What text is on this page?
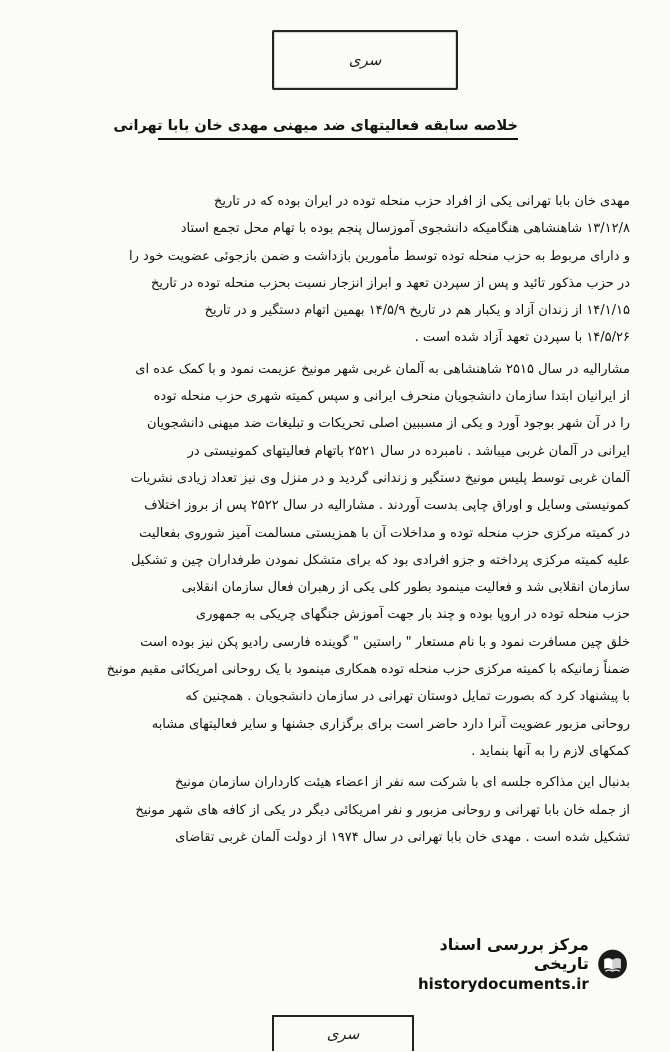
سری
خلاصه سابقه فعالیتهای ضد میهنی مهدی خان بابا تهرانی
مهدی خان بابا تهرانی یکی از افراد حزب منحله توده در ایران بوده که در تاریخ
۱۳/۱۲/۸ شاهنشاهی هنگامیکه دانشجوی آموزسال پنجم بوده با تهام محل تجمع استاد
و دارای مربوط به حزب منحله توده توسط مأمورین بازداشت و ضمن بازجوئی عضویت خود را
در حزب مذکور تائید و پس از سپردن تعهد و ابراز انزجار نسبت بحزب منحله توده در تاریخ
۱۴/۱/۱۵ از زندان آزاد و یکبار هم در تاریخ ۱۴/۵/۹ بهمین اتهام دستگیر و در تاریخ
۱۴/۵/۲۶ با سپردن تعهد آزاد شده است .
مشارالیه در سال ۲۵۱۵ شاهنشاهی به آلمان غربی شهر مونیخ عزیمت نمود و با کمک عده ای
از ایرانیان ابتدا سازمان دانشجویان منحرف ایرانی و سپس کمیته شهری حزب منحله توده
را در آن شهر بوجود آورد و یکی از مسببین اصلی تحریکات و تبلیغات ضد میهنی دانشجویان
ایرانی در آلمان غربی میباشد . نامبرده در سال ۲۵۲۱ باتهام فعالیتهای کمونیستی در
آلمان غربی توسط پلیس مونیخ دستگیر و زندانی گردید و در منزل وی نیز تعداد زیادی نشریات
کمونیستی وسایل و اوراق چاپی بدست آوردند . مشارالیه در سال ۲۵۲۲ پس از بروز اختلاف
در کمیته مرکزی حزب منحله توده و مداخلات آن با همزیستی مسالمت آمیز شوروی بفعالیت
علیه کمیته مرکزی پرداخته و جزو افرادی بود که برای متشکل نمودن طرفداران چین و تشکیل
سازمان انقلابی شد و فعالیت مینمود بطور کلی یکی از رهبران فعال سازمان انقلابی
حزب منحله توده در اروپا بوده و چند بار جهت آموزش جنگهای چریکی به جمهوری
خلق چین مسافرت نمود و با نام مستعار " راستین " گوینده فارسی رادیو پکن نیز بوده است
ضمناً زمانیکه با کمیته مرکزی حزب منحله توده همکاری مینمود با یک روحانی امریکائی مقیم مونیخ
با پیشنهاد کرد که بصورت تمایل دوستان تهرانی در سازمان دانشجویان . همچنین که
روحانی مزبور عضویت آنرا دارد حاضر است برای برگزاری جشنها و سایر فعالیتهای مشابه
کمکهای لازم را به آنها بنماید .
بدنبال این مذاکره جلسه ای با شرکت سه نفر از اعضاء هیئت کارداران سازمان مونیخ
از جمله خان بابا تهرانی و روحانی مزبور و نفر امریکائی دیگر در یکی از کافه های شهر مونیخ
تشکیل شده است . مهدی خان بابا تهرانی در سال ۱۹۷۴ از دولت آلمان غربی تقاضای
مرکز بررسی اسناد تاریخی
historydocuments.ir
سری
